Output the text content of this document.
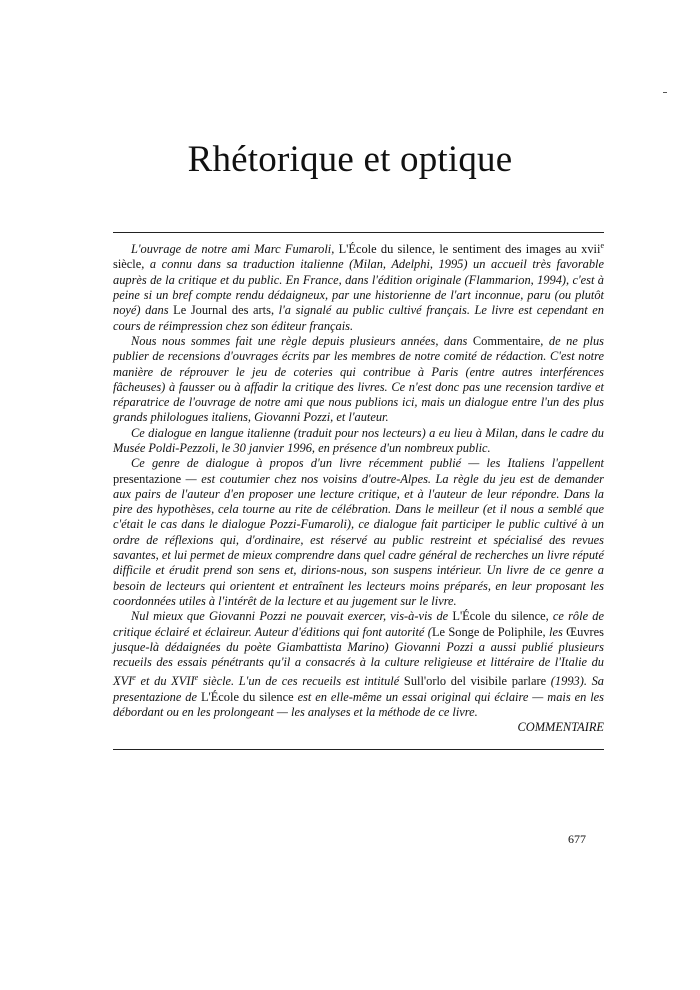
Rhétorique et optique

L'ouvrage de notre ami Marc Fumaroli, L'École du silence, le sentiment des images au xvii$^e$ siècle, a connu dans sa traduction italienne (Milan, Adelphi, 1995) un accueil très favorable auprès de la critique et du public. En France, dans l'édition originale (Flammarion, 1994), c'est à peine si un bref compte rendu dédaigneux, par une historienne de l'art inconnue, paru (ou plutôt noyé) dans Le Journal des arts, l'a signalé au public cultivé français. Le livre est cependant en cours de réimpression chez son éditeur français.

Nous nous sommes fait une règle depuis plusieurs années, dans Commentaire, de ne plus publier de recensions d'ouvrages écrits par les membres de notre comité de rédaction. C'est notre manière de réprouver le jeu de coteries qui contribue à Paris (entre autres interférences fâcheuses) à fausser ou à affadir la critique des livres. Ce n'est donc pas une recension tardive et réparatrice de l'ouvrage de notre ami que nous publions ici, mais un dialogue entre l'un des plus grands philologues italiens, Giovanni Pozzi, et l'auteur.

Ce dialogue en langue italienne (traduit pour nos lecteurs) a eu lieu à Milan, dans le cadre du Musée Poldi-Pezzoli, le 30 janvier 1996, en présence d'un nombreux public.

Ce genre de dialogue à propos d'un livre récemment publié — les Italiens l'appellent presentazione — est coutumier chez nos voisins d'outre-Alpes. La règle du jeu est de demander aux pairs de l'auteur d'en proposer une lecture critique, et à l'auteur de leur répondre. Dans la pire des hypothèses, cela tourne au rite de célébration. Dans le meilleur (et il nous a semblé que c'était le cas dans le dialogue Pozzi-Fumaroli), ce dialogue fait participer le public cultivé à un ordre de réflexions qui, d'ordinaire, est réservé au public restreint et spécialisé des revues savantes, et lui permet de mieux comprendre dans quel cadre général de recherches un livre réputé difficile et érudit prend son sens et, dirions-nous, son suspens intérieur. Un livre de ce genre a besoin de lecteurs qui orientent et entraînent les lecteurs moins préparés, en leur proposant les coordonnées utiles à l'intérêt de la lecture et au jugement sur le livre.

Nul mieux que Giovanni Pozzi ne pouvait exercer, vis-à-vis de L'École du silence, ce rôle de critique éclairé et éclaireur. Auteur d'éditions qui font autorité (Le Songe de Poliphile, les Œuvres jusque-là dédaignées du poète Giambattista Marino) Giovanni Pozzi a aussi publié plusieurs recueils des essais pénétrants qu'il a consacrés à la culture religieuse et littéraire de l'Italie du XVIe et du XVIIe siècle. L'un de ces recueils est intitulé Sull'orlo del visibile parlare (1993). Sa presentazione de L'École du silence est en elle-même un essai original qui éclaire — mais en les débordant ou en les prolongeant — les analyses et la méthode de ce livre.

COMMENTAIRE

677
